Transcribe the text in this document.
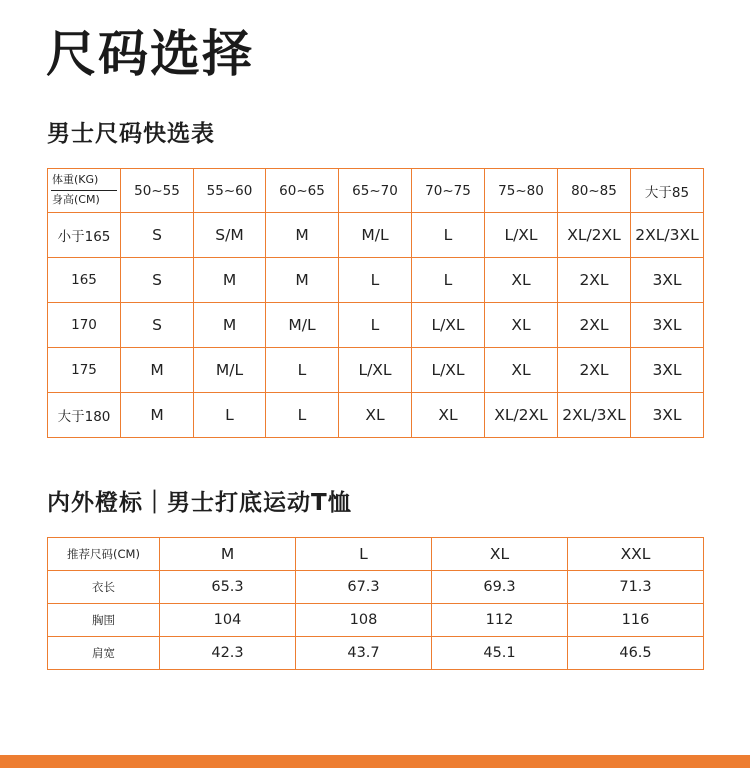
尺码选择
男士尺码快选表
体重(KG)
身高(CM)	50~55	55~60	60~65	65~70	70~75	75~80	80~85	大于85
小于165	S	S/M	M	M/L	L	L/XL	XL/2XL	2XL/3XL
165	S	M	M	L	L	XL	2XL	3XL
170	S	M	M/L	L	L/XL	XL	2XL	3XL
175	M	M/L	L	L/XL	L/XL	XL	2XL	3XL
大于180	M	L	L	XL	XL	XL/2XL	2XL/3XL	3XL
内外橙标｜男士打底运动T恤
推荐尺码(CM)	M	L	XL	XXL
衣长	65.3	67.3	69.3	71.3
胸围	104	108	112	116
肩宽	42.3	43.7	45.1	46.5
